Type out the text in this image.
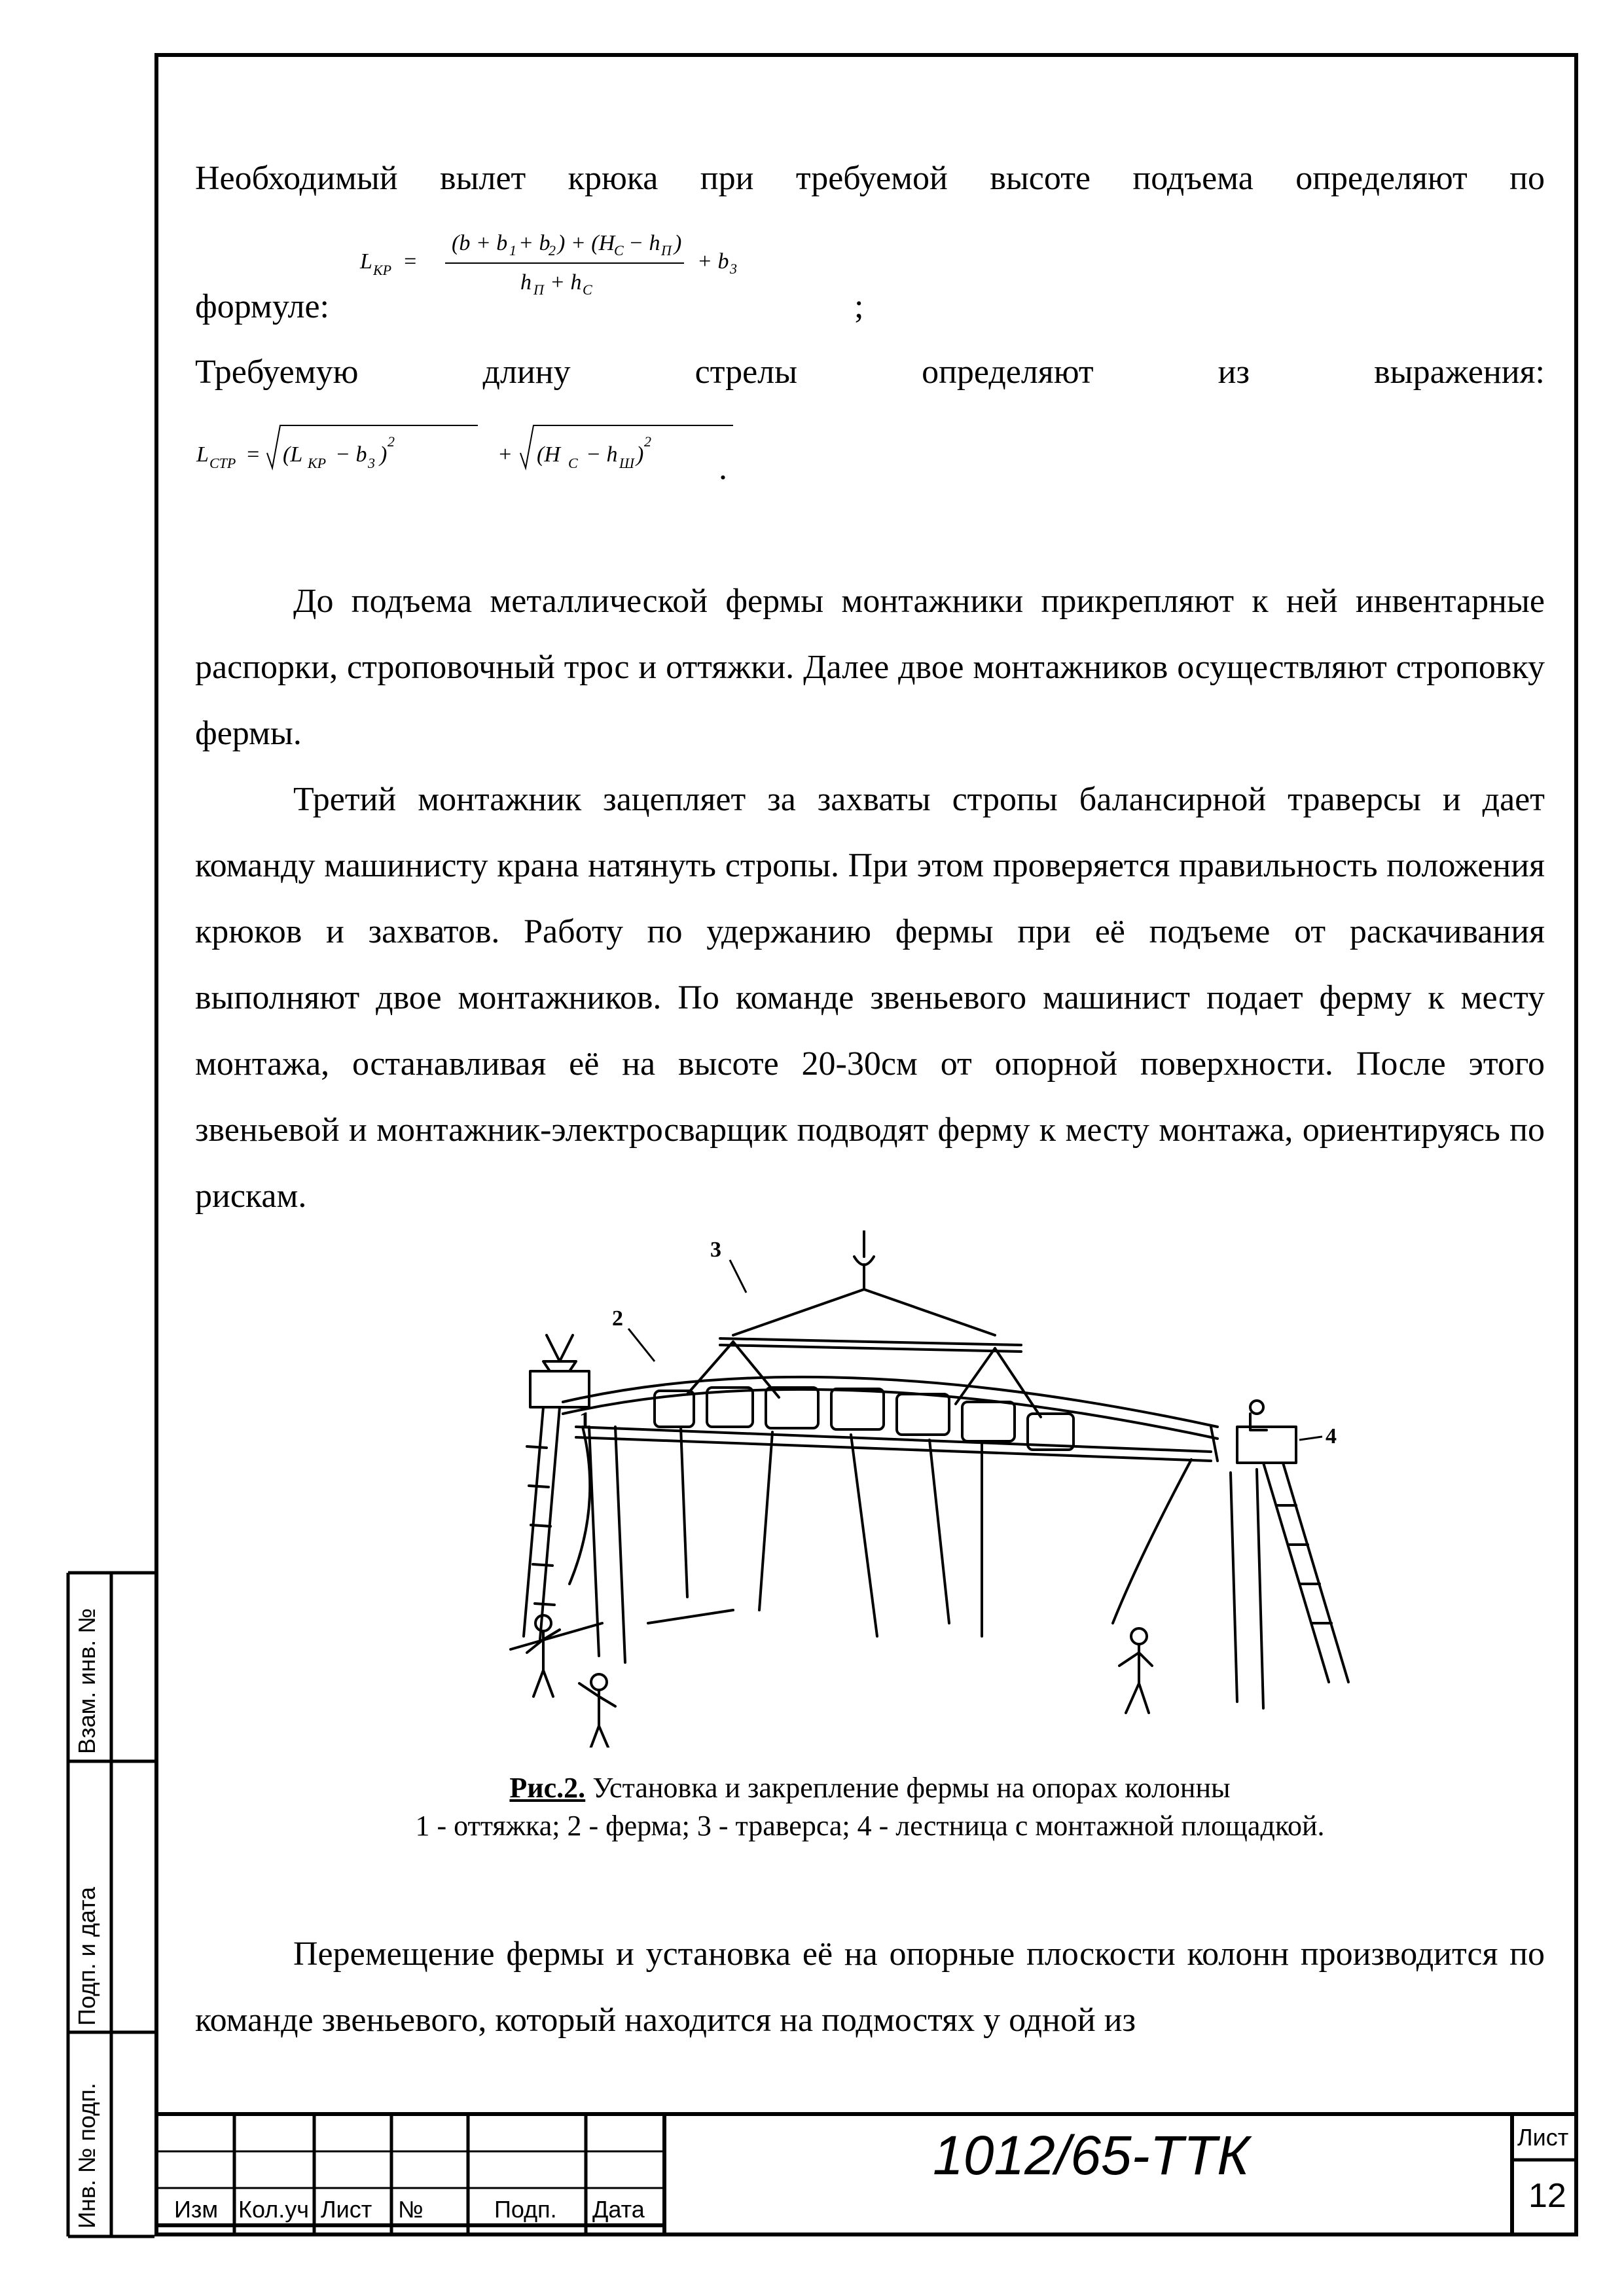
Взам. инв. №
Подп. и дата
Инв. № подп.

Необходимый вылет крюка при требуемой высоте подъема определяют по

формуле:

L KP =
(b + b 1 + b
2 ) + (H
C − h П )
h П + h C
+ b 3

;

Требуемую длину стрелы определяют из выражения:

L CTP = (L KP − b 3 )
2
+ (H C − h Ш )
2

.

До подъема металлической фермы монтажники прикрепляют к ней инвентарные распорки, строповочный трос и оттяжки. Далее двое монтажников осуществляют строповку фермы.

Третий монтажник зацепляет за захваты стропы балансирной траверсы и дает команду машинисту крана натянуть стропы. При этом проверяется правильность положения крюков и захватов. Работу по удержанию фермы при её подъеме от раскачивания выполняют двое монтажников. По команде звеньевого машинист подает ферму к месту монтажа, останавливая её на высоте 20-30см от опорной поверхности. После этого звеньевой и монтажник-электросварщик подводят ферму к месту монтажа, ориентируясь по рискам.

3
2
1
4
Рис.2. Установка и закрепление фермы на опорах колонны
1 - оттяжка; 2 - ферма; 3 - траверса; 4 - лестница с монтажной площадкой.

Перемещение фермы и установка её на опорные плоскости колонн производится по команде звеньевого, который находится на подмостях у одной из

Изм Кол.уч Лист №	Подп. Дата
1012/65-ТТК	Лист
12
